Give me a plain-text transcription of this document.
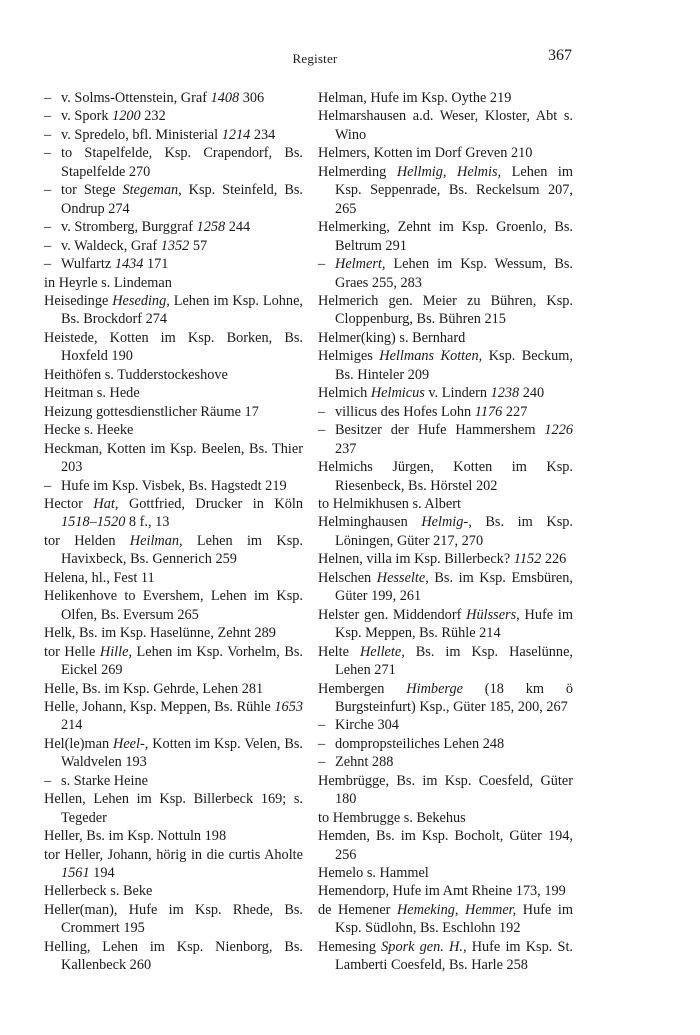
Register	367
– v. Solms-Ottenstein, Graf 1408 306
– v. Spork 1200 232
– v. Spredelo, bfl. Ministerial 1214 234
– to Stapelfelde, Ksp. Crapendorf, Bs. Stapelfelde 270
– tor Stege Stegeman, Ksp. Steinfeld, Bs. Ondrup 274
– v. Stromberg, Burggraf 1258 244
– v. Waldeck, Graf 1352 57
– Wulfartz 1434 171
in Heyrle s. Lindeman
Heisedinge Heseding, Lehen im Ksp. Lohne, Bs. Brockdorf 274
Heistede, Kotten im Ksp. Borken, Bs. Hoxfeld 190
Heithöfen s. Tudderstockeshove
Heitman s. Hede
Heizung gottesdienstlicher Räume 17
Hecke s. Heeke
Heckman, Kotten im Ksp. Beelen, Bs. Thier 203
– Hufe im Ksp. Visbek, Bs. Hagstedt 219
Hector Hat, Gottfried, Drucker in Köln 1518–1520 8 f., 13
tor Helden Heilman, Lehen im Ksp. Havixbeck, Bs. Gennerich 259
Helena, hl., Fest 11
Helikenhove to Evershem, Lehen im Ksp. Olfen, Bs. Eversum 265
Helk, Bs. im Ksp. Haselünne, Zehnt 289
tor Helle Hille, Lehen im Ksp. Vorhelm, Bs. Eickel 269
Helle, Bs. im Ksp. Gehrde, Lehen 281
Helle, Johann, Ksp. Meppen, Bs. Rühle 1653 214
Hel(le)man Heel-, Kotten im Ksp. Velen, Bs. Waldvelen 193
– s. Starke Heine
Hellen, Lehen im Ksp. Billerbeck 169; s. Tegeder
Heller, Bs. im Ksp. Nottuln 198
tor Heller, Johann, hörig in die curtis Aholte 1561 194
Hellerbeck s. Beke
Heller(man), Hufe im Ksp. Rhede, Bs. Crommert 195
Helling, Lehen im Ksp. Nienborg, Bs. Kallenbeck 260
Helman, Hufe im Ksp. Oythe 219
Helmarshausen a.d. Weser, Kloster, Abt s. Wino
Helmers, Kotten im Dorf Greven 210
Helmerding Hellmig, Helmis, Lehen im Ksp. Seppenrade, Bs. Reckelsum 207, 265
Helmerking, Zehnt im Ksp. Groenlo, Bs. Beltrum 291
– Helmert, Lehen im Ksp. Wessum, Bs. Graes 255, 283
Helmerich gen. Meier zu Bühren, Ksp. Cloppenburg, Bs. Bühren 215
Helmer(king) s. Bernhard
Helmiges Hellmans Kotten, Ksp. Beckum, Bs. Hinteler 209
Helmich Helmicus v. Lindern 1238 240
– villicus des Hofes Lohn 1176 227
– Besitzer der Hufe Hammershem 1226 237
Helmichs Jürgen, Kotten im Ksp. Riesenbeck, Bs. Hörstel 202
to Helmikhusen s. Albert
Helminghausen Helmig-, Bs. im Ksp. Löningen, Güter 217, 270
Helnen, villa im Ksp. Billerbeck? 1152 226
Helschen Hesselte, Bs. im Ksp. Emsbüren, Güter 199, 261
Helster gen. Middendorf Hülssers, Hufe im Ksp. Meppen, Bs. Rühle 214
Helte Hellete, Bs. im Ksp. Haselünne, Lehen 271
Hembergen Himberge (18 km ö Burgsteinfurt) Ksp., Güter 185, 200, 267
– Kirche 304
– dompropsteiliches Lehen 248
– Zehnt 288
Hembrügge, Bs. im Ksp. Coesfeld, Güter 180
to Hembrugge s. Bekehus
Hemden, Bs. im Ksp. Bocholt, Güter 194, 256
Hemelo s. Hammel
Hemendorp, Hufe im Amt Rheine 173, 199
de Hemener Hemeking, Hemmer, Hufe im Ksp. Südlohn, Bs. Eschlohn 192
Hemesing Spork gen. H., Hufe im Ksp. St. Lamberti Coesfeld, Bs. Harle 258
